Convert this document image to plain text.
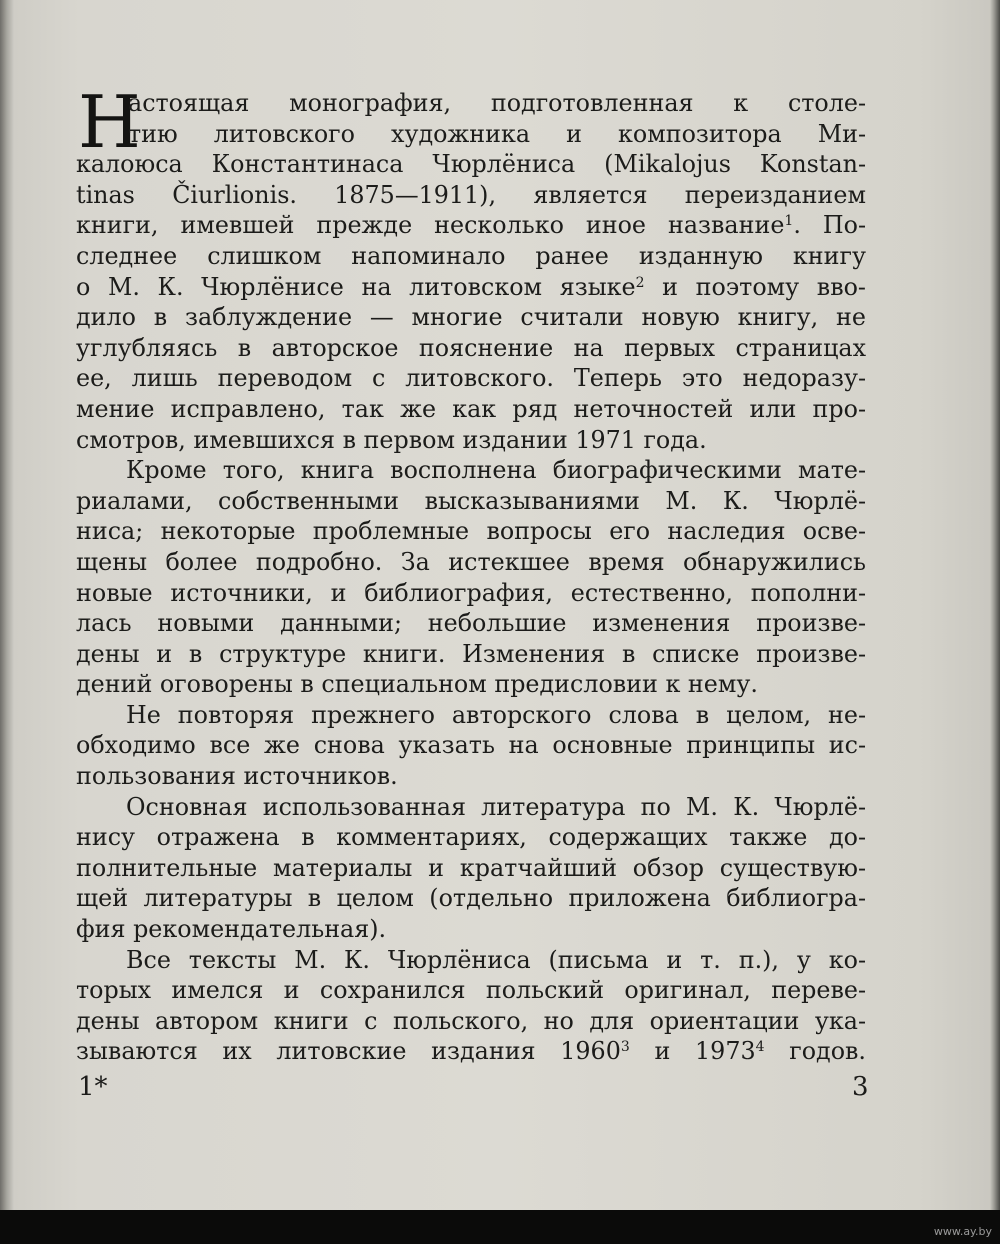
Н
астоящая монография, подготовленная к столе-
тию литовского художника и композитора Ми-
калоюса Константинаса Чюрлёниса (Mikalojus Konstan-
tinas Čiurlionis. 1875—1911), является переизданием
книги, имевшей прежде несколько иное название$^1$. По-
следнее слишком напоминало ранее изданную книгу
о М. К. Чюрлёнисе на литовском языке$^2$ и поэтому вво-
дило в заблуждение — многие считали новую книгу, не
углубляясь в авторское пояснение на первых страницах
ее, лишь переводом с литовского. Теперь это недоразу-
мение исправлено, так же как ряд неточностей или про-
смотров, имевшихся в первом издании 1971 года.
Кроме того, книга восполнена биографическими мате-
риалами, собственными высказываниями М. К. Чюрлё-
ниса; некоторые проблемные вопросы его наследия осве-
щены более подробно. За истекшее время обнаружились
новые источники, и библиография, естественно, пополни-
лась новыми данными; небольшие изменения произве-
дены и в структуре книги. Изменения в списке произве-
дений оговорены в специальном предисловии к нему.
Не повторяя прежнего авторского слова в целом, не-
обходимо все же снова указать на основные принципы ис-
пользования источников.
Основная использованная литература по М. К. Чюрлё-
нису отражена в комментариях, содержащих также до-
полнительные материалы и кратчайший обзор существую-
щей литературы в целом (отдельно приложена библиогра-
фия рекомендательная).
Все тексты М. К. Чюрлёниса (письма и т. п.), у ко-
торых имелся и сохранился польский оригинал, переве-
дены автором книги с польского, но для ориентации ука-
зываются их литовские издания 1960$^3$ и 1973$^4$ годов.
1*	3
www.ay.by
